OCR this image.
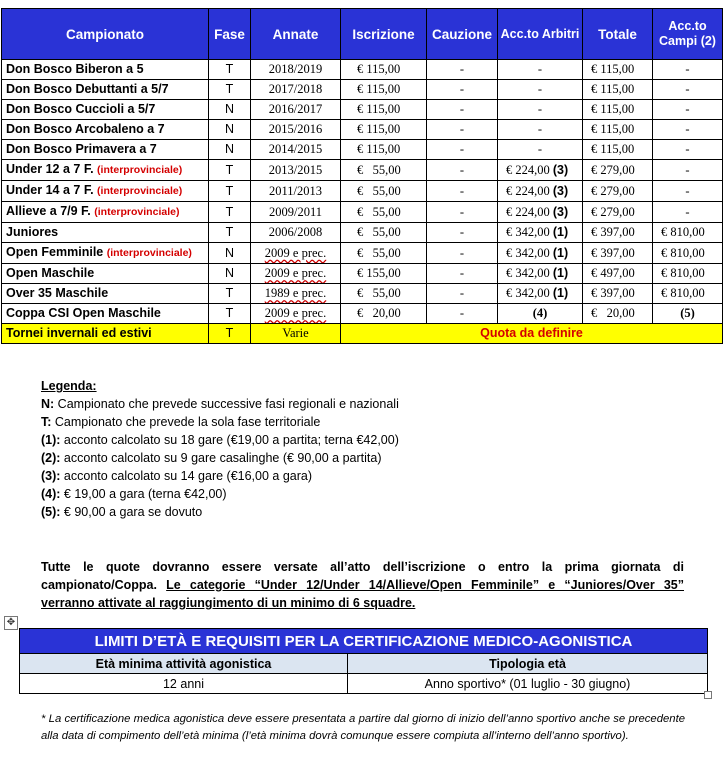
Campionato	Fase	Annate	Iscrizione	Cauzione	Acc.to Arbitri	Totale	Acc.to Campi (2)
Don Bosco Biberon a 5	T	2018/2019	€ 115,00	-	-	€ 115,00	-
Don Bosco Debuttanti a 5/7	T	2017/2018	€ 115,00	-	-	€ 115,00	-
Don Bosco Cuccioli a 5/7	N	2016/2017	€ 115,00	-	-	€ 115,00	-
Don Bosco Arcobaleno a 7	N	2015/2016	€ 115,00	-	-	€ 115,00	-
Don Bosco Primavera a 7	N	2014/2015	€ 115,00	-	-	€ 115,00	-
Under 12 a 7 F. (interprovinciale)	T	2013/2015	€   55,00	-	€ 224,00 (3)	€ 279,00	-
Under 14 a 7 F. (interprovinciale)	T	2011/2013	€   55,00	-	€ 224,00 (3)	€ 279,00	-
Allieve a 7/9 F. (interprovinciale)	T	2009/2011	€   55,00	-	€ 224,00 (3)	€ 279,00	-
Juniores	T	2006/2008	€   55,00	-	€ 342,00 (1)	€ 397,00	€ 810,00
Open Femminile (interprovinciale)	N	2009 e prec.	€   55,00	-	€ 342,00 (1)	€ 397,00	€ 810,00
Open Maschile	N	2009 e prec.	€ 155,00	-	€ 342,00 (1)	€ 497,00	€ 810,00
Over 35 Maschile	T	1989 e prec.	€   55,00	-	€ 342,00 (1)	€ 397,00	€ 810,00
Coppa CSI Open Maschile	T	2009 e prec.	€   20,00	-	(4)	€   20,00	(5)
Tornei invernali ed estivi	T	Varie	Quota da definire				
Legenda:
N: Campionato che prevede successive fasi regionali e nazionali
T: Campionato che prevede la sola fase territoriale
(1): acconto calcolato su 18 gare (€19,00 a partita; terna €42,00)
(2): acconto calcolato su 9 gare casalinghe (€ 90,00 a partita)
(3): acconto calcolato su 14 gare (€16,00 a gara)
(4): € 19,00 a gara (terna €42,00)
(5): € 90,00 a gara se dovuto
Tutte le quote dovranno essere versate all’atto dell’iscrizione o entro la prima giornata di campionato/Coppa. Le categorie “Under 12/Under 14/Allieve/Open Femminile” e “Juniores/Over 35” verranno attivate al raggiungimento di un minimo di 6 squadre.
✥
LIMITI D’ETÀ E REQUISITI PER LA CERTIFICAZIONE MEDICO-AGONISTICA	
Età minima attività agonistica	Tipologia età
12 anni	Anno sportivo* (01 luglio - 30 giugno)
* La certificazione medica agonistica deve essere presentata a partire dal giorno di inizio dell’anno sportivo anche se precedente alla data di compimento dell’età minima (l’età minima dovrà comunque essere compiuta all’interno dell’anno sportivo).
